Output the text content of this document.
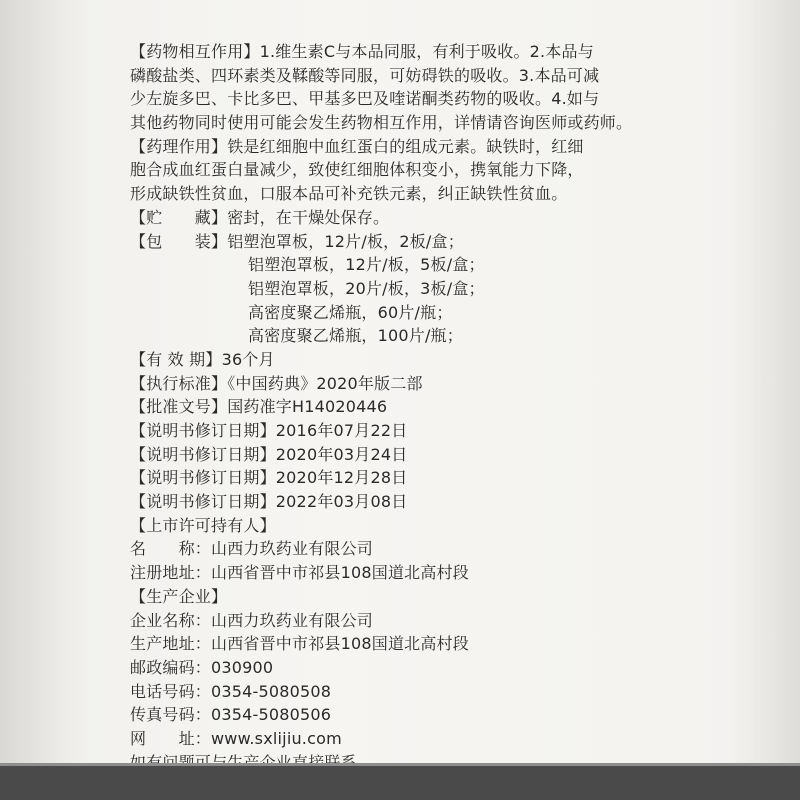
【药物相互作用】1.维生素C与本品同服，有利于吸收。2.本品与
磷酸盐类、四环素类及鞣酸等同服，可妨碍铁的吸收。3.本品可减
少左旋多巴、卡比多巴、甲基多巴及喹诺酮类药物的吸收。4.如与
其他药物同时使用可能会发生药物相互作用，详情请咨询医师或药师。
【药理作用】铁是红细胞中血红蛋白的组成元素。缺铁时，红细
胞合成血红蛋白量减少，致使红细胞体积变小，携氧能力下降，
形成缺铁性贫血，口服本品可补充铁元素，纠正缺铁性贫血。
【贮　　藏】密封，在干燥处保存。
【包　　装】铝塑泡罩板，12片/板，2板/盒；
铝塑泡罩板，12片/板，5板/盒；
铝塑泡罩板，20片/板，3板/盒；
高密度聚乙烯瓶，60片/瓶；
高密度聚乙烯瓶，100片/瓶；
【有 效 期】36个月
【执行标准】《中国药典》2020年版二部
【批准文号】国药准字H14020446
【说明书修订日期】2016年07月22日
【说明书修订日期】2020年03月24日
【说明书修订日期】2020年12月28日
【说明书修订日期】2022年03月08日
【上市许可持有人】
名　　称：山西力玖药业有限公司
注册地址：山西省晋中市祁县108国道北高村段
【生产企业】
企业名称：山西力玖药业有限公司
生产地址：山西省晋中市祁县108国道北高村段
邮政编码：030900
电话号码：0354-5080508
传真号码：0354-5080506
网　　址：www.sxlijiu.com
